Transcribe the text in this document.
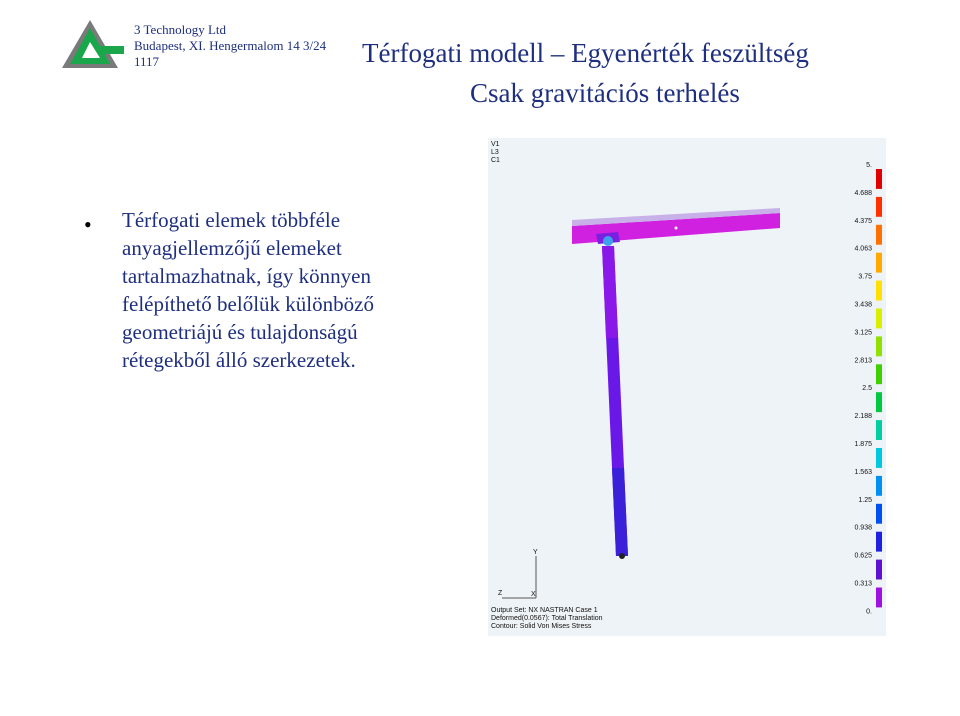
3 Technology Ltd
Budapest, XI. Hengermalom 14 3/24
1117	Térfogati modell – Egyenérték feszültség
Csak gravitációs terhelés
• Térfogati elemek többféle
anyagjellemzőjű elemeket
tartalmazhatnak, így könnyen
felépíthető belőlük különböző
geometriájú és tulajdonságú
rétegekből álló szerkezetek.
V1
L3
C1
Y
Z	X
Output Set: NX NASTRAN Case 1
Deformed(0.0567): Total Translation
Contour: Solid Von Mises Stress
5.
4.688
4.375
4.063
3.75
3.438
3.125
2.813
2.5
2.188
1.875
1.563
1.25
0.938
0.625
0.313
0.
